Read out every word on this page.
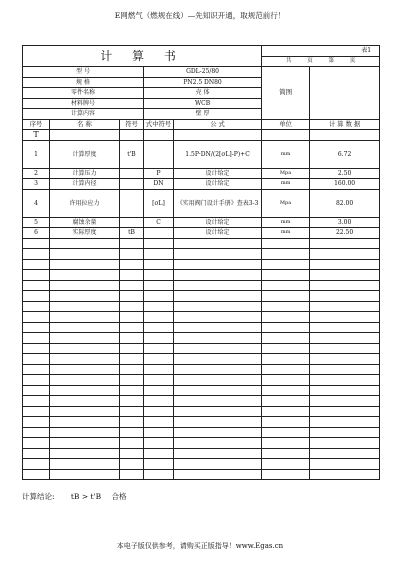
E网燃气（燃规在线）—先知识开通，取规范前行！
计 算 书					表1	
					共 页 第 页	
型 号			GDL-25/80		简图	
规 格			PN2.5 DN80			
零件名称			壳 体			
材料牌号			WCB			
计算内容			壁 厚			
序号	名 称	符号	式中符号	公 式	单位	计 算 数 据
T						
1	计算厚度	t'B		1.5P·DN/(2[σL]-P)+C	mm	6.72
2	计算压力		P	设计给定	Mpa	2.50
3	计算内径		DN	设计给定	mm	160.00
4	许用拉应力		[σL]	《实用阀门设计手册》查表3-3	Mpa	82.00
5	腐蚀余量		C	设计给定	mm	3.00
6	实际厚度	tB		设计给定	mm	22.50

计算结论: tB > t'B 合格
本电子版仅供参考，请购买正版指导！www.Egas.cn
